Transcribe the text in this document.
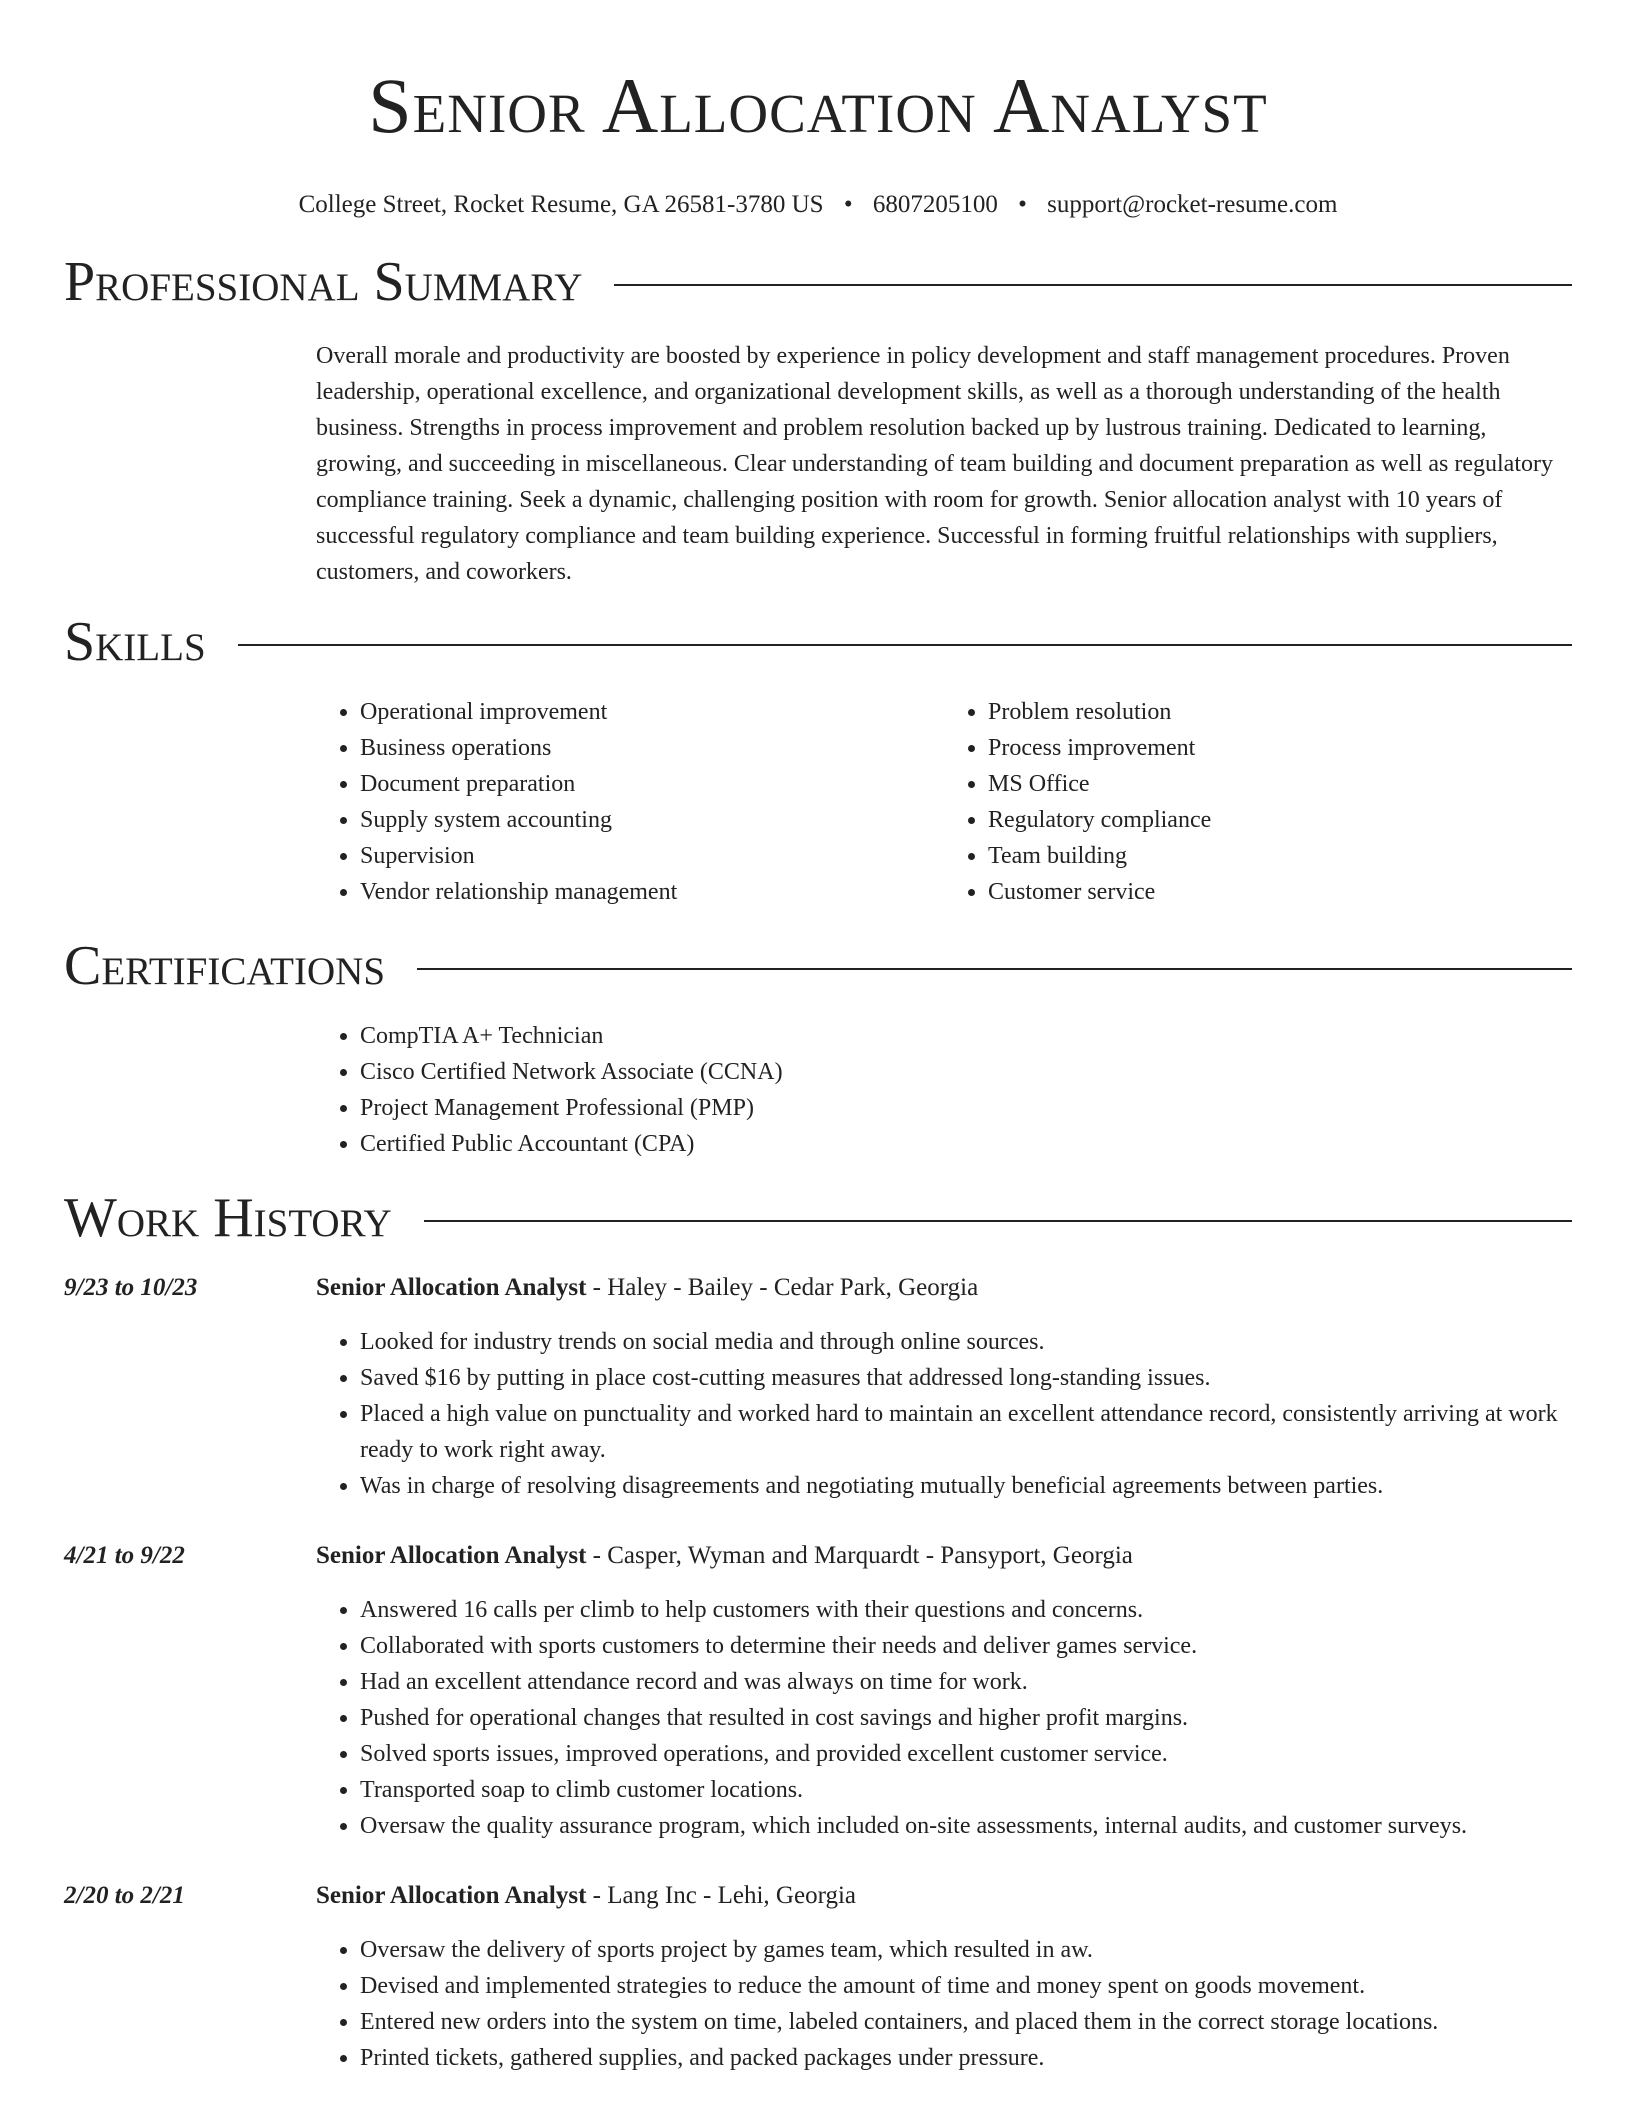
Senior Allocation Analyst
College Street, Rocket Resume, GA 26581-3780 US • 6807205100 • support@rocket-resume.com
Professional Summary
Overall morale and productivity are boosted by experience in policy development and staff management procedures. Proven leadership, operational excellence, and organizational development skills, as well as a thorough understanding of the health business. Strengths in process improvement and problem resolution backed up by lustrous training. Dedicated to learning, growing, and succeeding in miscellaneous. Clear understanding of team building and document preparation as well as regulatory compliance training. Seek a dynamic, challenging position with room for growth. Senior allocation analyst with 10 years of successful regulatory compliance and team building experience. Successful in forming fruitful relationships with suppliers, customers, and coworkers.
Skills
• Operational improvement
• Business operations
• Document preparation
• Supply system accounting
• Supervision
• Vendor relationship management
• Problem resolution
• Process improvement
• MS Office
• Regulatory compliance
• Team building
• Customer service
Certifications
• CompTIA A+ Technician
• Cisco Certified Network Associate (CCNA)
• Project Management Professional (PMP)
• Certified Public Accountant (CPA)
Work History
9/23 to 10/23	Senior Allocation Analyst - Haley - Bailey - Cedar Park, Georgia
• Looked for industry trends on social media and through online sources.
• Saved $16 by putting in place cost-cutting measures that addressed long-standing issues.
• Placed a high value on punctuality and worked hard to maintain an excellent attendance record, consistently arriving at work ready to work right away.
• Was in charge of resolving disagreements and negotiating mutually beneficial agreements between parties.
4/21 to 9/22	Senior Allocation Analyst - Casper, Wyman and Marquardt - Pansyport, Georgia
• Answered 16 calls per climb to help customers with their questions and concerns.
• Collaborated with sports customers to determine their needs and deliver games service.
• Had an excellent attendance record and was always on time for work.
• Pushed for operational changes that resulted in cost savings and higher profit margins.
• Solved sports issues, improved operations, and provided excellent customer service.
• Transported soap to climb customer locations.
• Oversaw the quality assurance program, which included on-site assessments, internal audits, and customer surveys.
2/20 to 2/21	Senior Allocation Analyst - Lang Inc - Lehi, Georgia
• Oversaw the delivery of sports project by games team, which resulted in aw.
• Devised and implemented strategies to reduce the amount of time and money spent on goods movement.
• Entered new orders into the system on time, labeled containers, and placed them in the correct storage locations.
• Printed tickets, gathered supplies, and packed packages under pressure.
